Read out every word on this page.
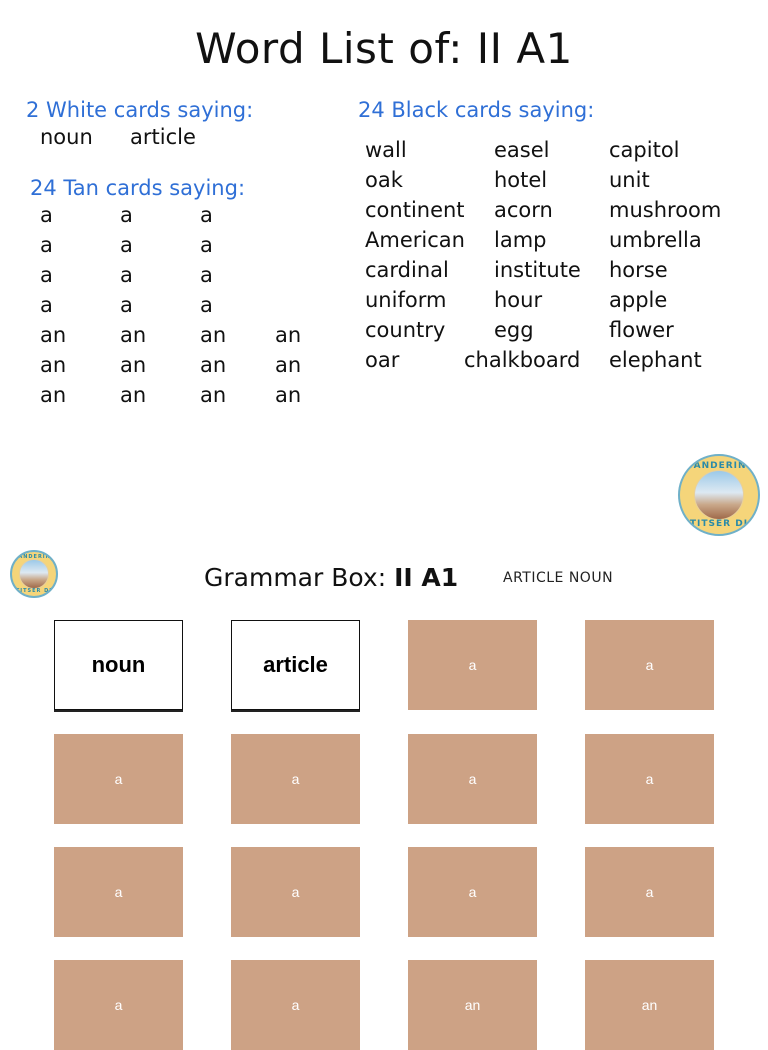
Word List of: II A1
2 White cards saying:
noun article
24 Tan cards saying:
a	a	a
a	a	a
a	a	a
a	a	a
an	an	an an
an	an	an an
an	an	an an
24 Black cards saying:
wall	easel	capitol
oak	hotel	unit
continent acorn	mushroom
American lamp	umbrella
cardinal institute horse
uniform hour	apple
country egg	flower
oar	chalkboard elephant
WANDERING
TITSER DJ
WANDERING
TITSER DJ	Grammar Box: II A1	ARTICLE NOUN
noun	article	a	a
a	a	a	a
a	a	a	a
a	a	an	an
